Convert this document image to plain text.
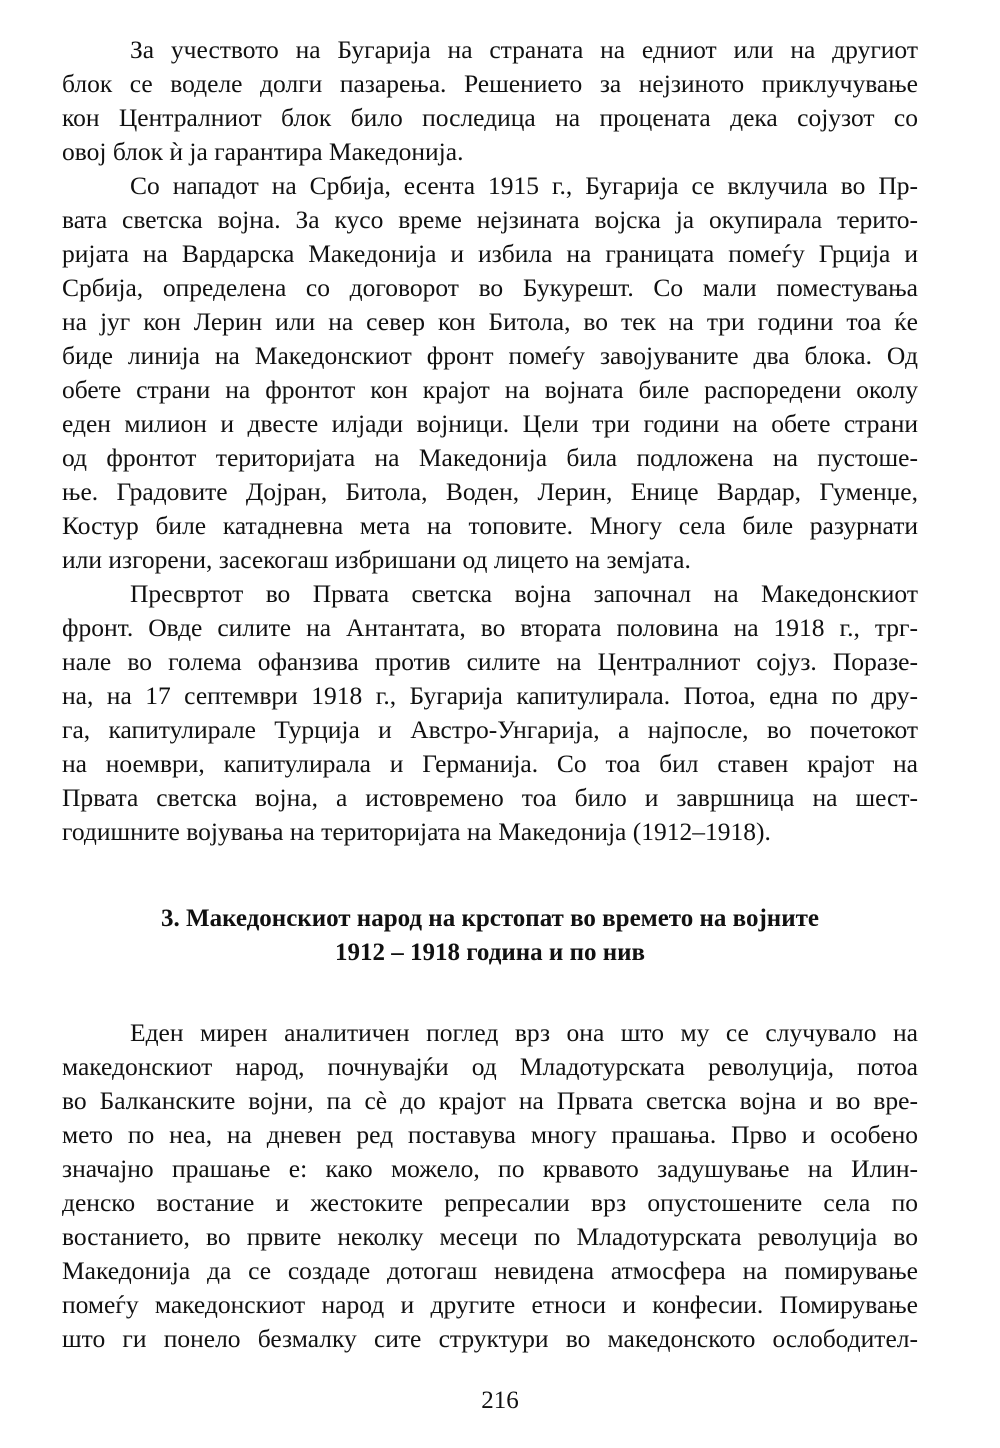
За учеството на Бугарија на страната на едниот или на другиот
блок се воделе долги пазарења. Решението за нејзиното приклучување
кон Централниот блок било последица на процената дека сојузот со
овој блок ѝ ја гарантира Македонија.
Со нападот на Србија, есента 1915 г., Бугарија се вклучила во Пр-
вата светска војна. За кусо време нејзината војска ја окупирала терито-
ријата на Вардарска Македонија и избила на границата помеѓу Грција и
Србија, определена со договорот во Букурешт. Со мали поместувања
на југ кон Лерин или на север кон Битола, во тек на три години тоа ќе
биде линија на Македонскиот фронт помеѓу завојуваните два блока. Од
обете страни на фронтот кон крајот на војната биле распоредени околу
еден милион и двесте илјади војници. Цели три години на обете страни
од фронтот територијата на Македонија била подложена на пустоше-
ње. Градовите Дојран, Битола, Воден, Лерин, Еницe Вардар, Гуменџе,
Костур биле катадневна мета на топовите. Многу села биле разурнати
или изгорени, засекогаш избришани од лицето на земјата.
Пресвртот во Првата светска војна започнал на Македонскиот
фронт. Овде силите на Антантата, во втората половина на 1918 г., трг-
нале во голема офанзива против силите на Централниот сојуз. Поразе-
на, на 17 септември 1918 г., Бугарија капитулирала. Потоа, една по дру-
га, капитулирале Турција и Австро-Унгарија, а најпосле, во почетокот
на ноември, капитулирала и Германија. Со тоа бил ставен крајот на
Првата светска војна, а истовремено тоа било и завршница на шест-
годишните војувања на територијата на Македонија (1912–1918).
3. Македонскиот народ на крстопат во времето на војните
1912 – 1918 година и по нив
Еден мирен аналитичен поглед врз она што му се случувало на
македонскиот народ, почнувајќи од Младотурската револуција, потоа
во Балканските војни, па сè до крајот на Првата светска војна и во вре-
мето по неа, на дневен ред поставува многу прашања. Прво и особено
значајно прашање е: како можело, по крвавото задушување на Илин-
денско востание и жестоките репресалии врз опустошените села по
востанието, во првите неколку месеци по Младотурската револуција во
Македонија да се создаде дотогаш невидена атмосфера на помирување
помеѓу македонскиот народ и другите етноси и конфесии. Помирување
што ги понело безмалку сите структури во македонското ослободител-
216
